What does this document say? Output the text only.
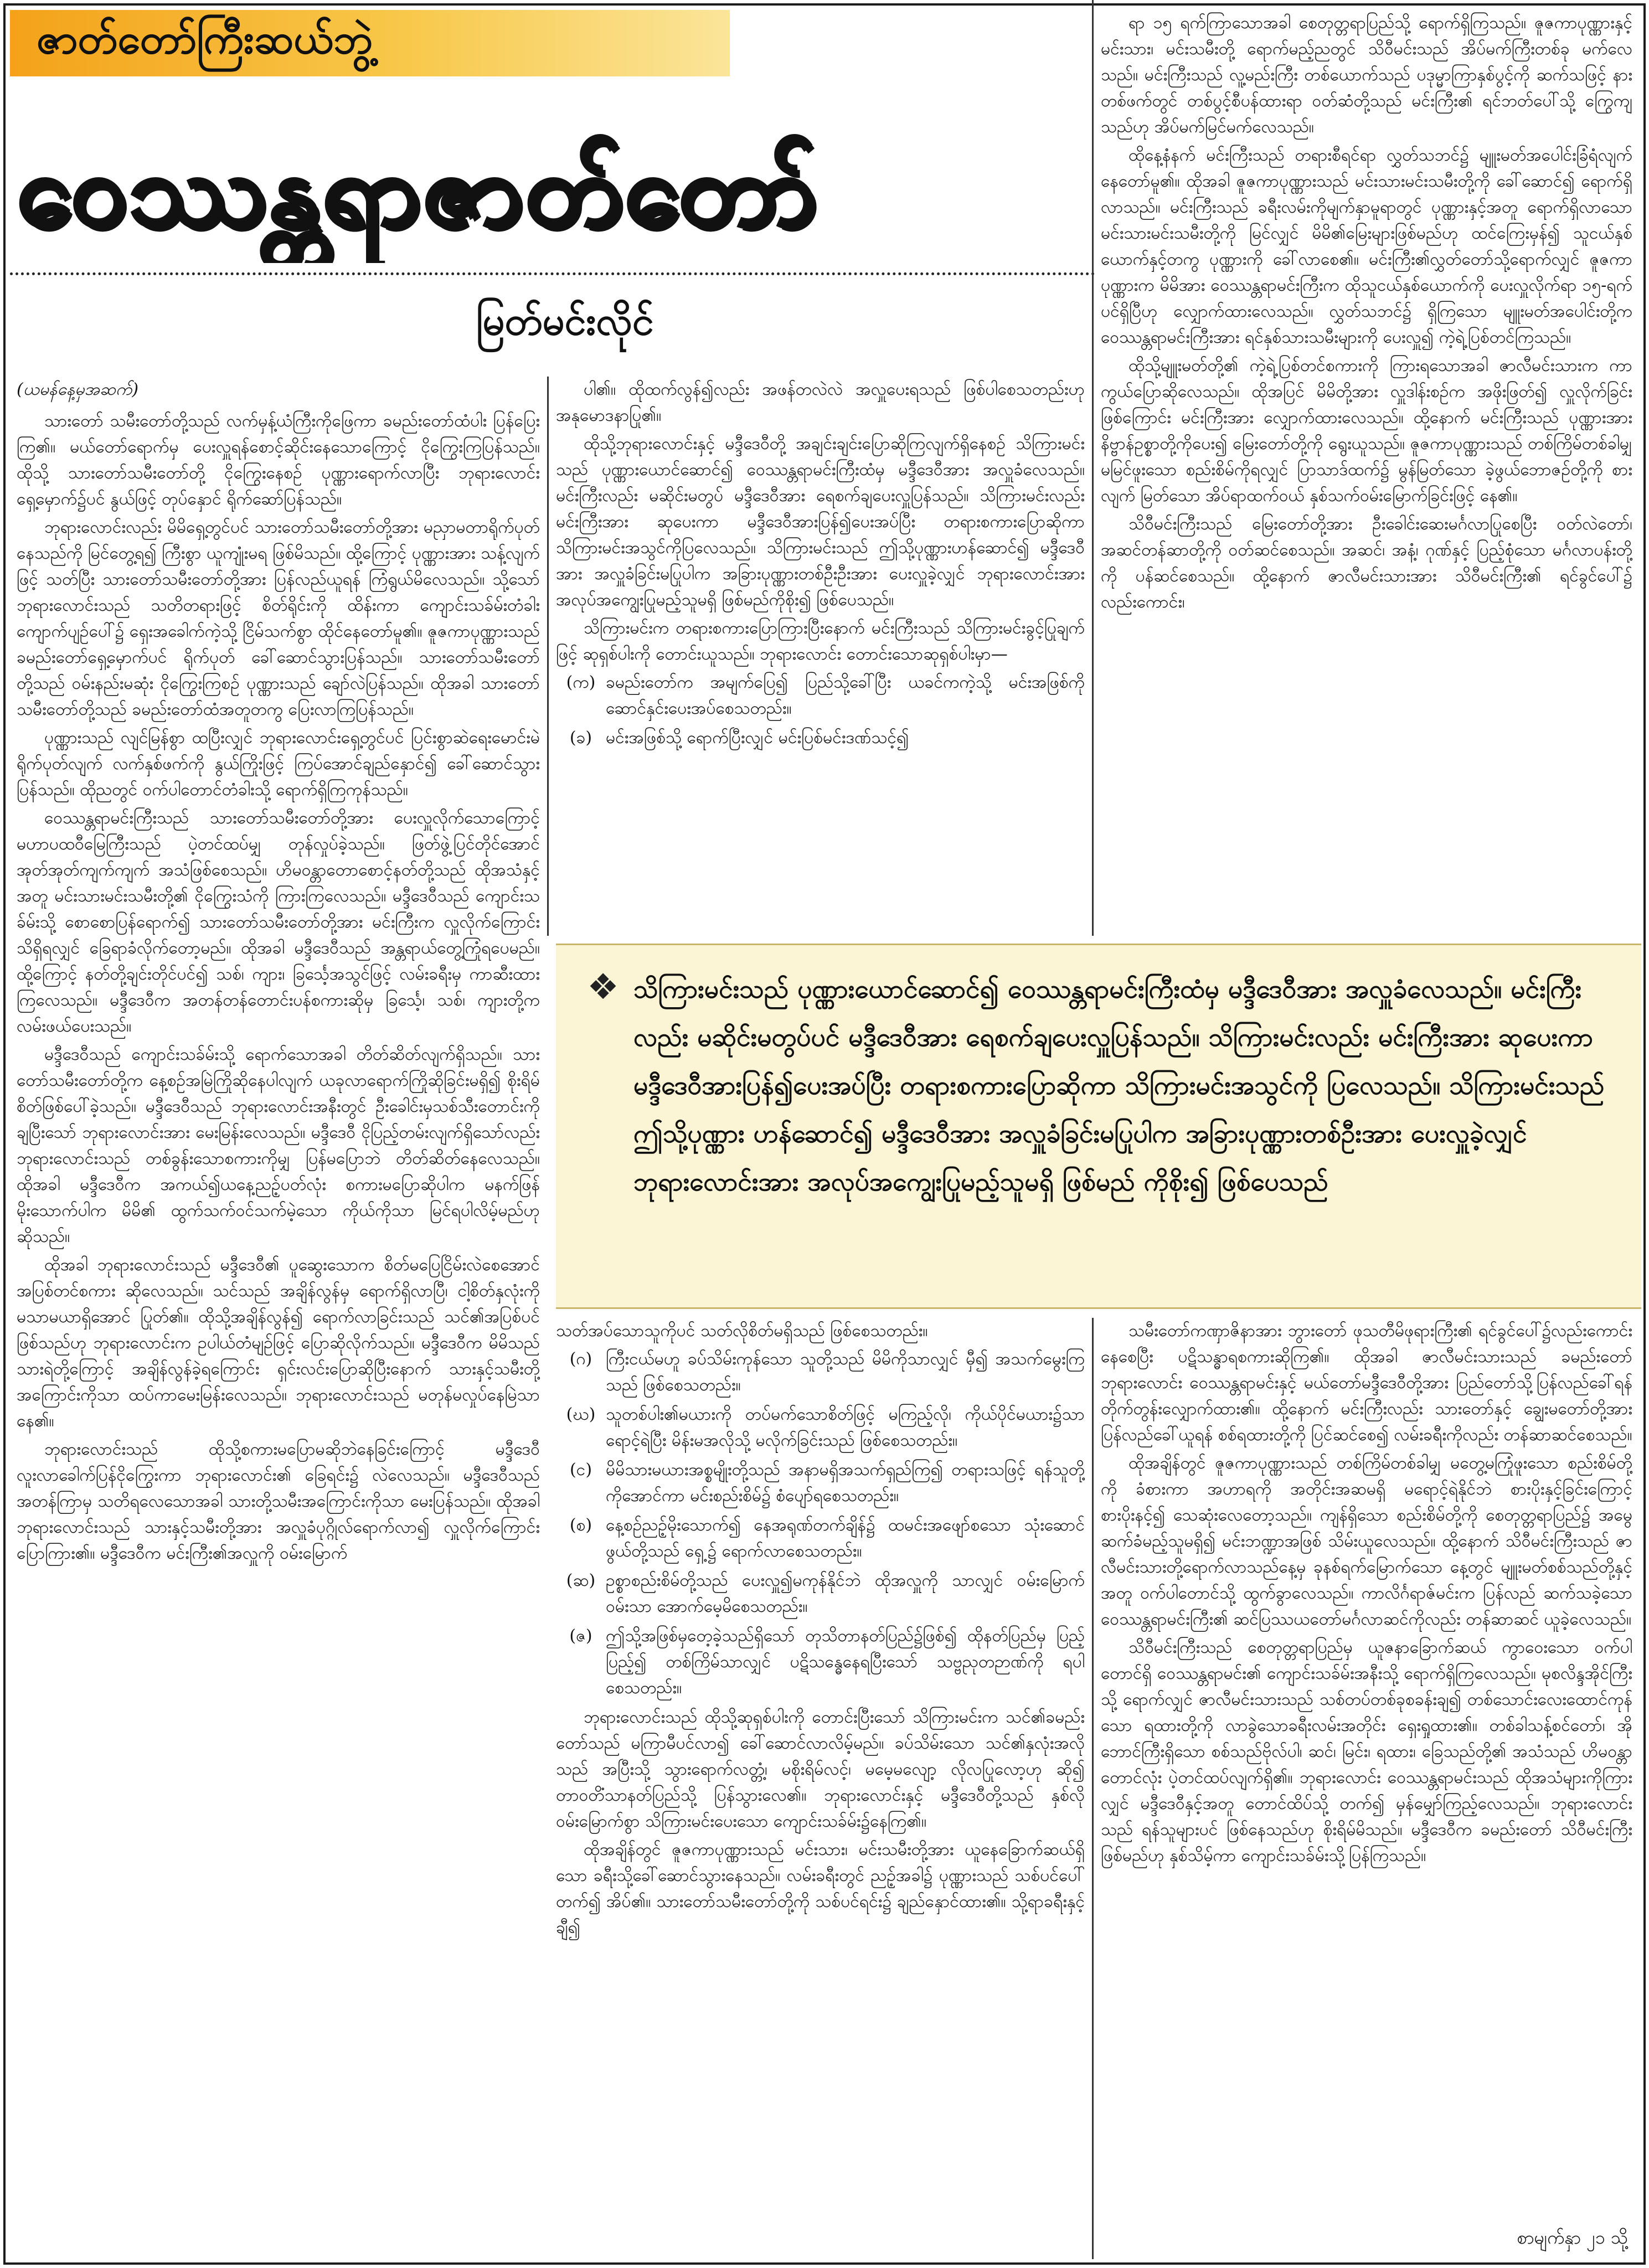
ဇာတ်တော်ကြီးဆယ်ဘွဲ့
ဝေဿန္တရာဇာတ်တော်
မြတ်မင်းလိုင်
(ယမန်နေ့မှအဆက်)

သားတော် သမီးတော်တို့သည် လက်မှန့်ယံကြီးကိုဖြေကာ ခမည်းတော်ထံပါး ပြန်ပြေးကြ၏။ မယ်တော်ရောက်မှ ပေးလှူရန်စောင့်ဆိုင်းနေသောကြောင့် ငိုကြွေးကြပြန်သည်။ ထိုသို့ သားတော်သမီးတော်တို့ ငိုကြွေးနေစဉ် ပုဏ္ဏားရောက်လာပြီး ဘုရားလောင်းရှေ့မှောက်၌ပင် နွယ်ဖြင့် တုပ်နှောင် ရိုက်ဆော်ပြန်သည်။

ဘုရားလောင်းလည်း မိမိရှေ့တွင်ပင် သားတော်သမီးတော်တို့အား မညှာမတာရိုက်ပုတ်နေသည်ကို မြင်တွေ့ရ၍ ကြီးစွာ ယူကျုံးမရ ဖြစ်မိသည်။ ထို့ကြောင့် ပုဏ္ဏားအား သန့်လျက်ဖြင့် သတ်ပြီး သားတော်သမီးတော်တို့အား ပြန်လည်ယူရန် ကြံရွယ်မိလေသည်။ သို့သော် ဘုရားလောင်းသည် သတိတရားဖြင့် စိတ်ရိုင်းကို ထိန်းကာ ကျောင်းသခ်မ်းတံခါး ကျောက်ပျဉ်ပေါ်၌ ရှေးအခေါက်ကဲ့သို့ ငြိမ်သက်စွာ ထိုင်နေတော်မူ၏။ ဇူဇကာပုဏ္ဏားသည် ခမည်းတော်ရှေ့မှောက်ပင် ရိုက်ပုတ် ခေါ်ဆောင်သွားပြန်သည်။ သားတော်သမီးတော်တို့သည် ဝမ်းနည်းမဆုံး ငိုကြွေးကြစဉ် ပုဏ္ဏားသည် ချော်လဲပြန်သည်။ ထိုအခါ သားတော်သမီးတော်တို့သည် ခမည်းတော်ထံအတူတကွ ပြေးလာကြပြန်သည်။

ပုဏ္ဏားသည် လျင်မြန်စွာ ထပြီးလျှင် ဘုရားလောင်းရှေ့တွင်ပင် ပြင်းစွာဆဲရေးမောင်းမဲ ရိုက်ပုတ်လျက် လက်နှစ်ဖက်ကို နွယ်ကြိုးဖြင့် ကြပ်အောင်ချည်နှောင်၍ ခေါ်ဆောင်သွားပြန်သည်။ ထိုညတွင် ဝက်ပါတောင်တံခါးသို့ ရောက်ရှိကြကုန်သည်။

ဝေဿန္တရာမင်းကြီးသည် သားတော်သမီးတော်တို့အား ပေးလှူလိုက်သောကြောင့် မဟာပထဝီမြေကြီးသည် ပဲ့တင်ထပ်မျှ တုန်လှုပ်ခဲ့သည်။ ဖြတ်ဖွဲ့ပြင်တိုင်အောင် အုတ်အုတ်ကျက်ကျက် အသံဖြစ်စေသည်။ ဟိမဝန္တာတောစောင့်နတ်တို့သည် ထိုအသံနှင့်အတူ မင်းသားမင်းသမီးတို့၏ ငိုကြွေးသံကို ကြားကြလေသည်။ မဒ္ဒီဒေဝီသည် ကျောင်းသခ်မ်းသို့ စောစောပြန်ရောက်၍ သားတော်သမီးတော်တို့အား မင်းကြီးက လှူလိုက်ကြောင်း သိရှိရလျှင် ခြေရာခံလိုက်တော့မည်။ ထိုအခါ မဒ္ဒီဒေဝီသည် အန္တရာယ်တွေ့ကြုံရပေမည်။ ထို့ကြောင့် နတ်တို့ချင်းတိုင်ပင်၍ သစ်၊ ကျား၊ ခြင်္သေ့အသွင်ဖြင့် လမ်းခရီးမှ ကာဆီးထားကြလေသည်။ မဒ္ဒီဒေဝီက အတန်တန်တောင်းပန်စကားဆိုမှ ခြင်္သေ့၊ သစ်၊ ကျားတို့က လမ်းဖယ်ပေးသည်။

မဒ္ဒီဒေဝီသည် ကျောင်းသခ်မ်းသို့ ရောက်သောအခါ တိတ်ဆိတ်လျက်ရှိသည်။ သားတော်သမီးတော်တို့က နေ့စဉ်အမြဲကြိုဆိုနေပါလျက် ယခုလာရောက်ကြိုဆိုခြင်းမရှိ၍ စိုးရိမ်စိတ်ဖြစ်ပေါ်ခဲ့သည်။ မဒ္ဒီဒေဝီသည် ဘုရားလောင်းအနီးတွင် ဦးခေါင်းမှသစ်သီးတောင်းကို ချပြီးသော် ဘုရားလောင်းအား မေးမြန်းလေသည်။ မဒ္ဒီဒေဝီ ငိုပြည့်တမ်းလျက်ရှိသော်လည်း ဘုရားလောင်းသည် တစ်ခွန်းသောစကားကိုမျှ ပြန်မပြောဘဲ တိတ်ဆိတ်နေလေသည်။ ထိုအခါ မဒ္ဒီဒေဝီက အကယ်၍ယနေ့ညဉ့်ပတ်လုံး စကားမပြောဆိုပါက မနက်ဖြန်မိုးသောက်ပါက မိမိ၏ ထွက်သက်ဝင်သက်မဲ့သော ကိုယ်ကိုသာ မြင်ရပါလိမ့်မည်ဟု ဆိုသည်။

ထိုအခါ ဘုရားလောင်းသည် မဒ္ဒီဒေဝီ၏ ပူဆွေးသောက စိတ်မပြေငြိမ်းလဲစေအောင် အပြစ်တင်စကား ဆိုလေသည်။ သင်သည် အချိန်လွန်မှ ရောက်ရှိလာပြီ၊ ငါ့စိတ်နှလုံးကို မသာမယာရှိအောင် ပြုတ်၏။ ထိုသို့အချိန်လွန်၍ ရောက်လာခြင်းသည် သင်၏အပြစ်ပင် ဖြစ်သည်ဟု ဘုရားလောင်းက ဥပါယ်တံမျဉ်ဖြင့် ပြောဆိုလိုက်သည်။ မဒ္ဒီဒေဝီက မိမိသည် သားရဲတို့ကြောင့် အချိန်လွန်ခဲ့ရကြောင်း ရှင်းလင်းပြောဆိုပြီးနောက် သားနှင့်သမီးတို့အကြောင်းကိုသာ ထပ်ကာမေးမြန်းလေသည်။ ဘုရားလောင်းသည် မတုန်မလှုပ်နေမြဲသာနေ၏။

ဘုရားလောင်းသည် ထိုသို့စကားမပြောမဆိုဘဲနေခြင်းကြောင့် မဒ္ဒီဒေဝီ လူးလာခေါက်ပြန်ငိုကြွေးကာ ဘုရားလောင်း၏ ခြေရင်း၌ လဲလေသည်။ မဒ္ဒီဒေဝီသည် အတန်ကြာမှ သတိရလေသောအခါ သားတို့သမီးအကြောင်းကိုသာ မေးပြန်သည်။ ထိုအခါ ဘုရားလောင်းသည် သားနှင့်သမီးတို့အား အလှူခံပုဂ္ဂိုလ်ရောက်လာ၍ လှူလိုက်ကြောင်း ပြောကြား၏။ မဒ္ဒီဒေဝီက မင်းကြီး၏အလှူကို ဝမ်းမြောက်

ပါ၏။ ထိုထက်လွန်၍လည်း အဖန်တလဲလဲ အလှူပေးရသည် ဖြစ်ပါစေသတည်းဟု အနုမောဒနာပြု၏။

ထိုသို့ဘုရားလောင်းနှင့် မဒ္ဒီဒေဝီတို့ အချင်းချင်းပြောဆိုကြလျက်ရှိနေစဉ် သိကြားမင်းသည် ပုဏ္ဏားယောင်ဆောင်၍ ဝေဿန္တရာမင်းကြီးထံမှ မဒ္ဒီဒေဝီအား အလှူခံလေသည်။ မင်းကြီးလည်း မဆိုင်းမတွပ် မဒ္ဒီဒေဝီအား ရေစက်ချပေးလှူပြန်သည်။ သိကြားမင်းလည်း မင်းကြီးအား ဆုပေးကာ မဒ္ဒီဒေဝီအားပြန်၍ပေးအပ်ပြီး တရားစကားပြောဆိုကာ သိကြားမင်းအသွင်ကိုပြလေသည်။ သိကြားမင်းသည် ဤသို့ပုဏ္ဏားဟန်ဆောင်၍ မဒ္ဒီဒေဝီအား အလှူခံခြင်းမပြုပါက အခြားပုဏ္ဏားတစ်ဦးဦးအား ပေးလှူခဲ့လျှင် ဘုရားလောင်းအား အလုပ်အကျွေးပြုမည့်သူမရှိ ဖြစ်မည်ကိုစိုး၍ ဖြစ်ပေသည်။

သိကြားမင်းက တရားစကားပြောကြားပြီးနောက် မင်းကြီးသည် သိကြားမင်းခွင့်ပြုချက်ဖြင့် ဆုရှစ်ပါးကို တောင်းယူသည်။ ဘုရားလောင်း တောင်းသောဆုရှစ်ပါးမှာ—

(က) ခမည်းတော်က အမျက်ပြေ၍ ပြည်သို့ခေါ်ပြီး ယခင်ကကဲ့သို့ မင်းအဖြစ်ကို ဆောင်နှင်းပေးအပ်စေသတည်း။
(ခ) မင်းအဖြစ်သို့ ရောက်ပြီးလျှင် မင်းပြစ်မင်းဒဏ်သင့်၍

ရာ ၁၅ ရက်ကြာသောအခါ စေတုတ္တရာပြည်သို့ ရောက်ရှိကြသည်။ ဇူဇကာပုဏ္ဏားနှင့် မင်းသား၊ မင်းသမီးတို့ ရောက်မည့်ညတွင် သိဝီမင်းသည် အိပ်မက်ကြီးတစ်ခု မက်လေသည်။ မင်းကြီးသည် လူ့မည်းကြီး တစ်ယောက်သည် ပဒုမ္မာကြာနှစ်ပွင့်ကို ဆက်သဖြင့် နားတစ်ဖက်တွင် တစ်ပွင့်စီပန်ထားရာ ဝတ်ဆံတို့သည် မင်းကြီး၏ ရင်ဘတ်ပေါ်သို့ ကြွေကျသည်ဟု အိပ်မက်မြင်မက်လေသည်။

ထိုနေ့နံနက် မင်းကြီးသည် တရားစီရင်ရာ လွှတ်သဘင်၌ မျူးမတ်အပေါင်းခြံရံလျက် နေတော်မူ၏။ ထိုအခါ ဇူဇကာပုဏ္ဏားသည် မင်းသားမင်းသမီးတို့ကို ခေါ်ဆောင်၍ ရောက်ရှိလာသည်။ မင်းကြီးသည် ခရီးလမ်းကိုမျက်နှာမူရာတွင် ပုဏ္ဏားနှင့်အတူ ရောက်ရှိလာသော မင်းသားမင်းသမီးတို့ကို မြင်လျှင် မိမိ၏မြေးများဖြစ်မည်ဟု ထင်ကြေးမှန်၍ သူငယ်နှစ်ယောက်နှင့်တကွ ပုဏ္ဏားကို ခေါ်လာစေ၏။ မင်းကြီး၏လွှတ်တော်သို့ရောက်လျှင် ဇူဇကာပုဏ္ဏားက မိမိအား ဝေဿန္တရာမင်းကြီးက ထိုသူငယ်နှစ်ယောက်ကို ပေးလှူလိုက်ရာ ၁၅-ရက်ပင်ရှိပြီဟု လျှောက်ထားလေသည်။ လွှတ်သဘင်၌ ရှိကြသော မျူးမတ်အပေါင်းတို့က ဝေဿန္တရာမင်းကြီးအား ရင်နှစ်သားသမီးများကို ပေးလှူ၍ ကဲ့ရဲ့ပြစ်တင်ကြသည်။

ထိုသို့မျူးမတ်တို့၏ ကဲ့ရဲ့ပြစ်တင်စကားကို ကြားရသောအခါ ဇာလီမင်းသားက ကာကွယ်ပြောဆိုလေသည်။ ထိုအပြင် မိမိတို့အား လှူဒါန်းစဉ်က အဖိုးဖြတ်၍ လှူလိုက်ခြင်းဖြစ်ကြောင်း မင်းကြီးအား လျှောက်ထားလေသည်။ ထို့နောက် မင်းကြီးသည် ပုဏ္ဏားအားနိဗ္ဗာန်ဥစ္စာတို့ကိုပေး၍ မြေးတော်တို့ကို ရွေးယူသည်။ ဇူဇကာပုဏ္ဏားသည် တစ်ကြိမ်တစ်ခါမျှ မမြင်ဖူးသော စည်းစိမ်ကိုရလျှင် ပြာသာဒ်ထက်၌ မွန်မြတ်သော ခဲ့ဖွယ်ဘောဇဉ်တို့ကို စားလျက် မြတ်သော အိပ်ရာထက်ဝယ် နှစ်သက်ဝမ်းမြောက်ခြင်းဖြင့် နေ၏။

သိဝီမင်းကြီးသည် မြေးတော်တို့အား ဦးခေါင်းဆေးမင်္ဂလာပြုစေပြီး ဝတ်လဲတော်၊ အဆင်တန်ဆာတို့ကို ဝတ်ဆင်စေသည်။ အဆင်၊ အနံ့၊ ဂုဏ်နှင့် ပြည့်စုံသော မင်္ဂလာပန်းတို့ကို ပန်ဆင်စေသည်။ ထို့နောက် ဇာလီမင်းသားအား သိဝီမင်းကြီး၏ ရင်ခွင်ပေါ်၌ လည်းကောင်း၊

❖ သိကြားမင်းသည် ပုဏ္ဏားယောင်ဆောင်၍ ဝေဿန္တရာမင်းကြီးထံမှ မဒ္ဒီဒေဝီအား အလှူခံလေသည်။ မင်းကြီးလည်း မဆိုင်းမတွပ်ပင် မဒ္ဒီဒေဝီအား ရေစက်ချပေးလှူပြန်သည်။ သိကြားမင်းလည်း မင်းကြီးအား ဆုပေးကာ မဒ္ဒီဒေဝီအားပြန်၍ပေးအပ်ပြီး တရားစကားပြောဆိုကာ သိကြားမင်းအသွင်ကို ပြလေသည်။ သိကြားမင်းသည် ဤသို့ပုဏ္ဏား ဟန်ဆောင်၍ မဒ္ဒီဒေဝီအား အလှူခံခြင်းမပြုပါက အခြားပုဏ္ဏားတစ်ဦးအား ပေးလှူခဲ့လျှင် ဘုရားလောင်းအား အလုပ်အကျွေးပြုမည့်သူမရှိ ဖြစ်မည် ကိုစိုး၍ ဖြစ်ပေသည်

သတ်အပ်သောသူကိုပင် သတ်လိုစိတ်မရှိသည် ဖြစ်စေသတည်း။

(ဂ) ကြီးငယ်မဟူ ခပ်သိမ်းကုန်သော သူတို့သည် မိမိကိုသာလျှင် မှီ၍ အသက်မွေးကြသည် ဖြစ်စေသတည်း။
(ဃ) သူတစ်ပါး၏မယားကို တပ်မက်သောစိတ်ဖြင့် မကြည့်လို၊ ကိုယ်ပိုင်မယား၌သာ ရောင့်ရဲပြီး မိန်းမအလိုသို့ မလိုက်ခြင်းသည် ဖြစ်စေသတည်း။
(င) မိမိသားမယားအစ္စမျိုးတို့သည် အနာမရှိအသက်ရှည်ကြ၍ တရားသဖြင့် ရန်သူတို့ကိုအောင်ကာ မင်းစည်းစိမ်၌ စံပျော်ရစေသတည်း။
(စ) နေ့စဉ်ညဉ့်မိုးသောက်၍ နေအရုဏ်တက်ချိန်၌ ထမင်းအဖျော်စသော သုံးဆောင်ဖွယ်တို့သည် ရှေ့၌ ရောက်လာစေသတည်း။
(ဆ) ဥစ္စာစည်းစိမ်တို့သည် ပေးလှူ၍မကုန်နိုင်ဘဲ ထိုအလှူကို သာလျှင် ဝမ်းမြောက်ဝမ်းသာ အောက်မေ့မိစေသတည်း။
(ဇ) ဤသို့အဖြစ်မှတေ့ခဲ့သည်ရှိသော် တုသိတာနတ်ပြည်၌ဖြစ်၍ ထိုနတ်ပြည်မှ ပြည့်ပြည့်၍ တစ်ကြိမ်သာလျှင် ပဋိသန္ဓေနေရပြီးသော် သဗ္ဗညုတဉာဏ်ကို ရပါစေသတည်း။

ဘုရားလောင်းသည် ထိုသို့ဆုရှစ်ပါးကို တောင်းပြီးသော် သိကြားမင်းက သင်၏ခမည်းတော်သည် မကြာမီပင်လာ၍ ခေါ်ဆောင်လာလိမ့်မည်။ ခပ်သိမ်းသော သင်၏နှလုံးအလိုသည် အပြီးသို့ သွားရောက်လတ္တံ့၊ မစိုးရိမ်လင့်၊ မမေ့မလျော့ လိုလပြုလော့ဟု ဆို၍ တာဝတိံသာနတ်ပြည်သို့ ပြန်သွားလေ၏။ ဘုရားလောင်းနှင့် မဒ္ဒီဒေဝီတို့သည် နှစ်လိုဝမ်းမြောက်စွာ သိကြားမင်းပေးသော ကျောင်းသခ်မ်း၌နေကြ၏။

ထိုအချိန်တွင် ဇူဇကာပုဏ္ဏားသည် မင်းသား၊ မင်းသမီးတို့အား ယူနေခြောက်ဆယ်ရှိသော ခရီးသို့ခေါ်ဆောင်သွားနေသည်။ လမ်းခရီးတွင် ညဉ့်အခါ၌ ပုဏ္ဏားသည် သစ်ပင်ပေါ်တက်၍ အိပ်၏။ သားတော်သမီးတော်တို့ကို သစ်ပင်ရင်း၌ ချည်နှောင်ထား၏။ သို့ရာခရီးနှင့်ချီ၍

သမီးတော်ကဏှာဇိနာအား ဘွားတော် ဖုသတီမိဖုရားကြီး၏ ရင်ခွင်ပေါ်၌လည်းကောင်းနေစေပြီး ပဋိသန္ဓာရစကားဆိုကြ၏။ ထိုအခါ ဇာလီမင်းသားသည် ခမည်းတော်ဘုရားလောင်း ဝေဿန္တရာမင်းနှင့် မယ်တော်မဒ္ဒီဒေဝီတို့အား ပြည်တော်သို့ပြန်လည်ခေါ်ရန် တိုက်တွန်းလျှောက်ထား၏။ ထို့နောက် မင်းကြီးလည်း သားတော်နှင့် ချွေးမတော်တို့အား ပြန်လည်ခေါ်ယူရန် စစ်ရထားတို့ကို ပြင်ဆင်စေ၍ လမ်းခရီးကိုလည်း တန်ဆာဆင်စေသည်။

ထိုအချိန်တွင် ဇူဇကာပုဏ္ဏားသည် တစ်ကြိမ်တစ်ခါမျှ မတွေ့မကြုံဖူးသော စည်းစိမ်တို့ကို ခံစားကာ အဟာရကို အတိုင်းအဆမရှိ မရောင့်ရဲနိုင်ဘဲ စားပိုးနှင့်ခြင်းကြောင့် စားပိုးနင့်၍ သေဆုံးလေတော့သည်။ ကျန်ရှိသော စည်းစိမ်တို့ကို စေတုတ္တရာပြည်၌ အမွေဆက်ခံမည့်သူမရှိ၍ မင်းဘဏ္ဍာအဖြစ် သိမ်းယူလေသည်။ ထို့နောက် သိဝီမင်းကြီးသည် ဇာလီမင်းသားတို့ရောက်လာသည်နေ့မှ ခုနစ်ရက်မြောက်သော နေ့တွင် မျူးမတ်စစ်သည်တို့နှင့်အတူ ဝက်ပါတောင်သို့ ထွက်ခွာလေသည်။ ကာလိင်္ဂရာဇ်မင်းက ပြန်လည် ဆက်သခဲ့သော ဝေဿန္တရာမင်းကြီး၏ ဆင်ပြဿယတော်မင်္ဂလာဆင်ကိုလည်း တန်ဆာဆင် ယူခဲ့လေသည်။

သိဝီမင်းကြီးသည် စေတုတ္တရာပြည်မှ ယူဇနာခြောက်ဆယ် ကွာဝေးသော ဝက်ပါတောင်ရှိ ဝေဿန္တရာမင်း၏ ကျောင်းသခ်မ်းအနီးသို့ ရောက်ရှိကြလေသည်။ မုစလိန္ဒအိုင်ကြီးသို့ ရောက်လျှင် ဇာလီမင်းသားသည် သစ်တပ်တစ်ခုစခန်းချ၍ တစ်သောင်းလေးထောင်ကုန်သော ရထားတို့ကို လာခွဲသောခရီးလမ်းအတိုင်း ရှေးရှုထား၏။ တစ်ခါသန့်စင်တော်၊ အိုဘောင်ကြီးရှိသော စစ်သည်ဗိုလ်ပါ၊ ဆင်၊ မြင်း၊ ရထား၊ ခြေသည်တို့၏ အသံသည် ဟိမဝန္တာတောင်လုံး ပဲ့တင်ထပ်လျက်ရှိ၏။ ဘုရားလောင်း ဝေဿန္တရာမင်းသည် ထိုအသံများကိုကြားလျှင် မဒ္ဒီဒေဝီနှင့်အတူ တောင်ထိပ်သို့ တက်၍ မှန်မျှော်ကြည့်လေသည်။ ဘုရားလောင်းသည် ရန်သူများပင် ဖြစ်နေသည်ဟု စိုးရိမ်မိသည်။ မဒ္ဒီဒေဝီက ခမည်းတော် သိဝီမင်းကြီး ဖြစ်မည်ဟု နှစ်သိမ့်ကာ ကျောင်းသခ်မ်းသို့ပြန်ကြသည်။

စာမျက်နှာ ၂၁ သို့
